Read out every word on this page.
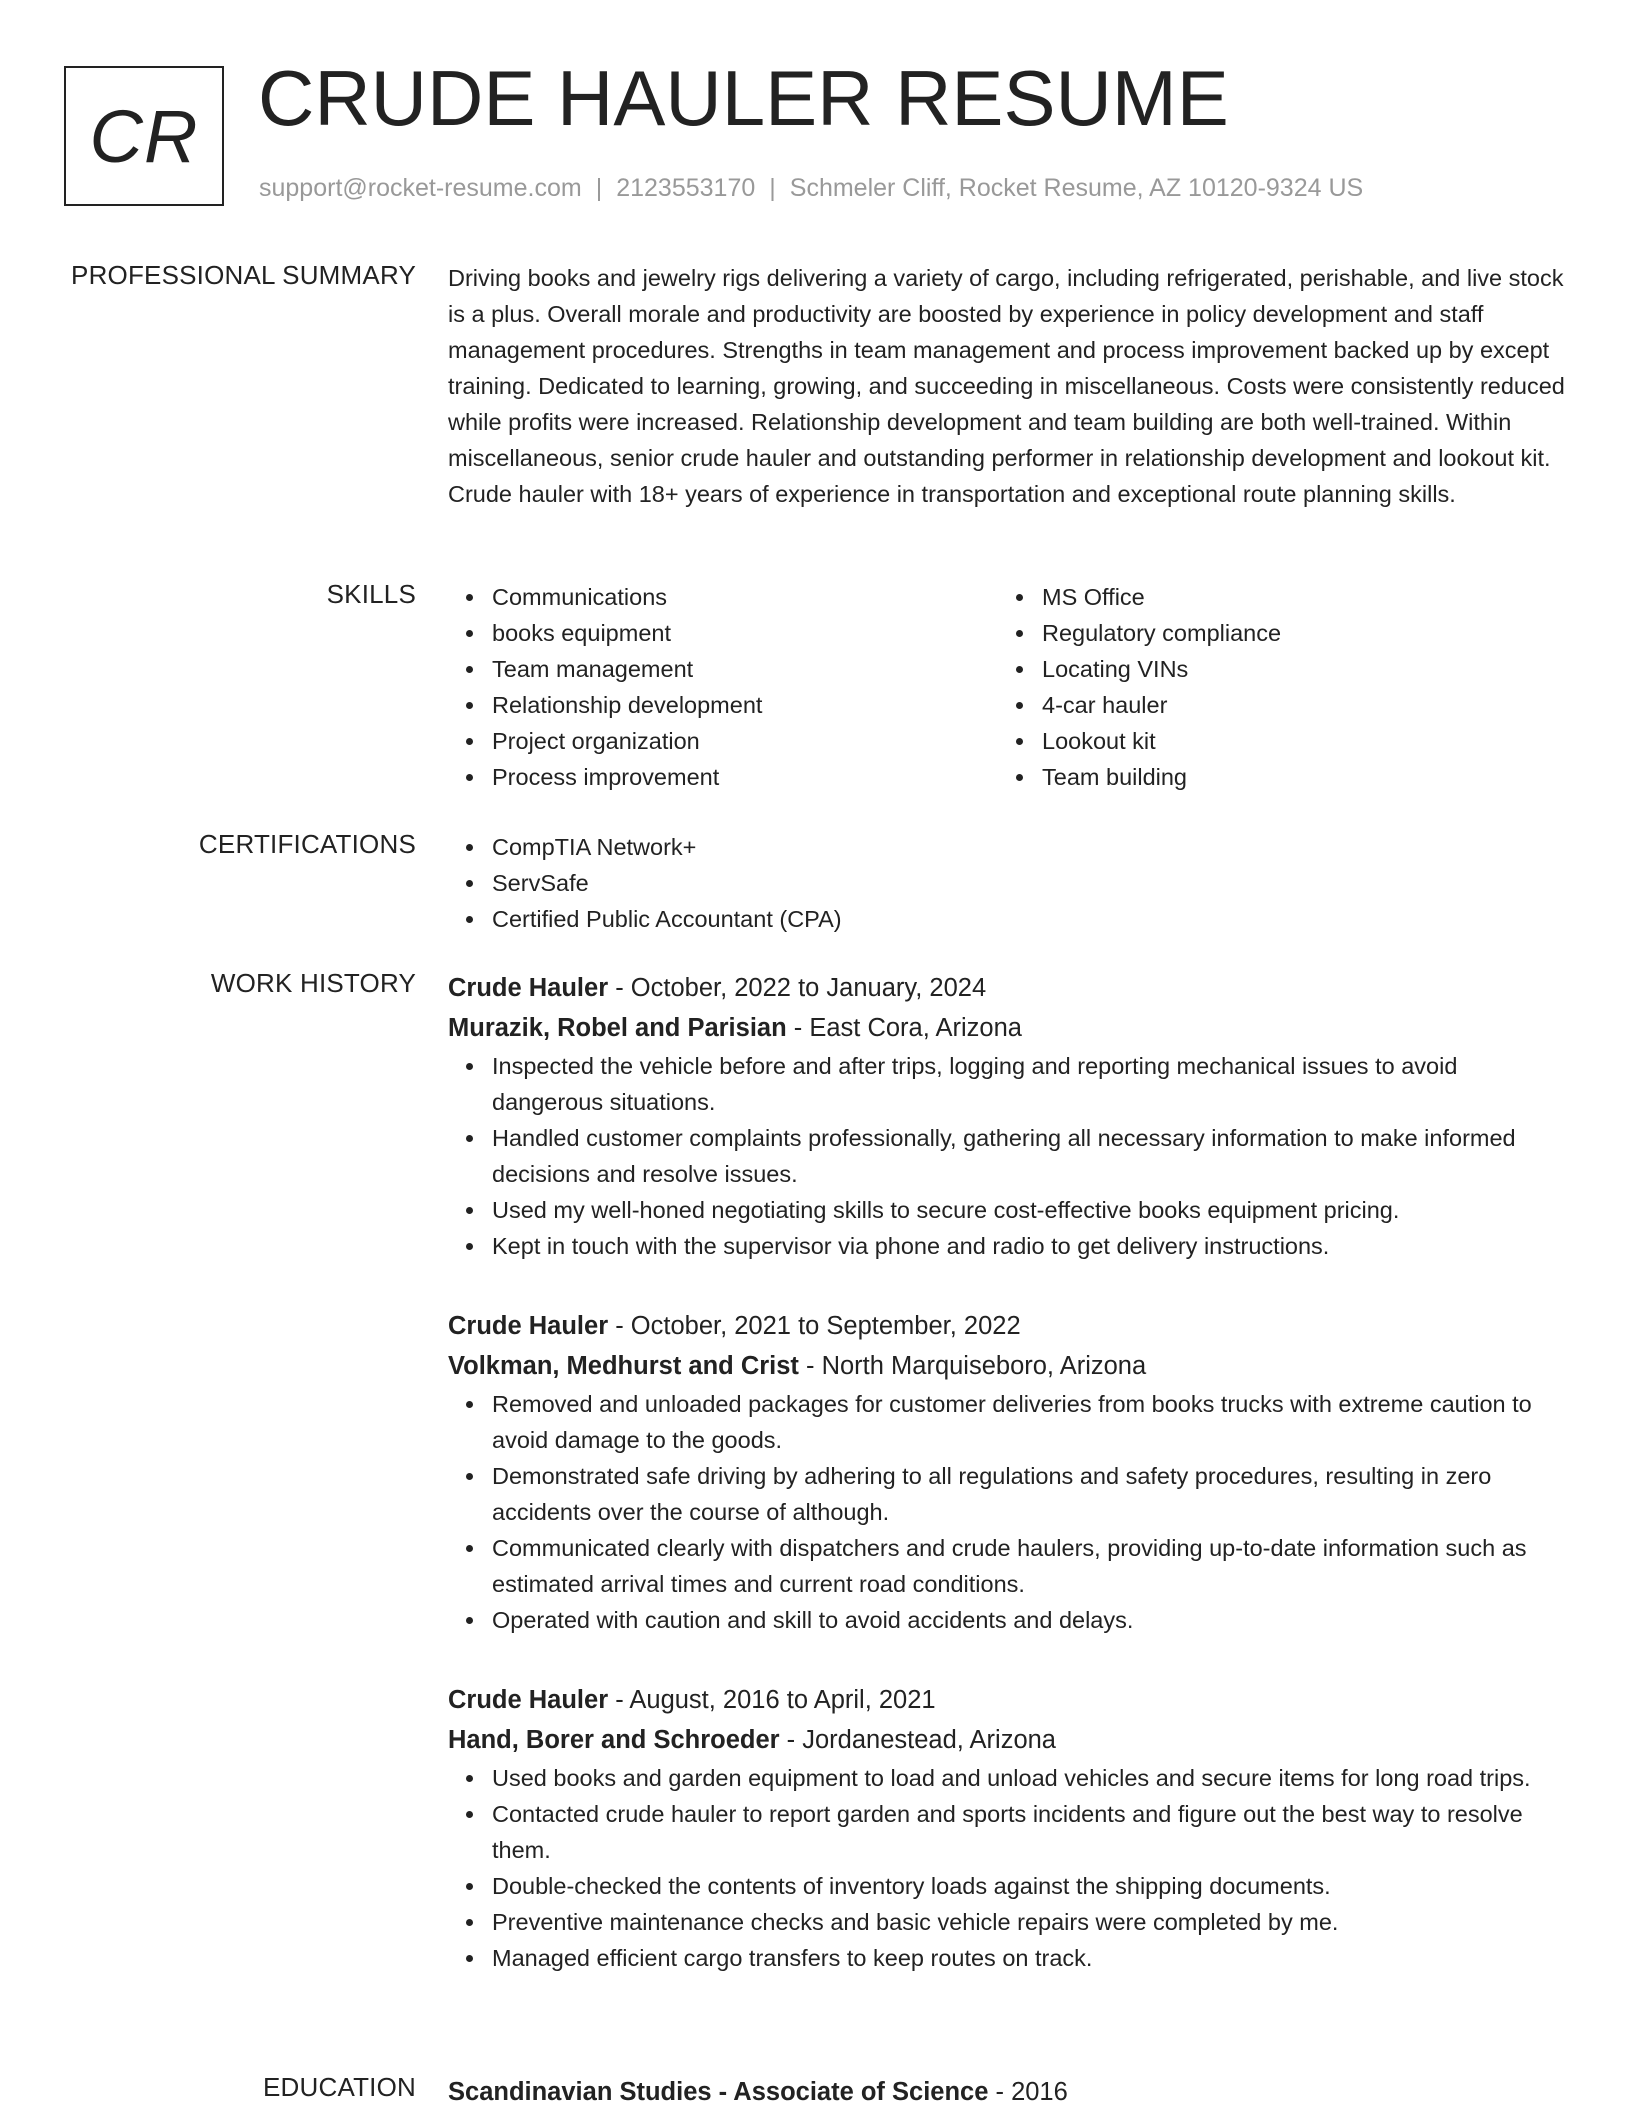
CR CRUDE HAULER RESUME
support@rocket-resume.com | 2123553170 | Schmeler Cliff, Rocket Resume, AZ 10120-9324 US
PROFESSIONAL SUMMARY Driving books and jewelry rigs delivering a variety of cargo, including refrigerated, perishable, and live stock is a plus. Overall morale and productivity are boosted by experience in policy development and staff management procedures. Strengths in team management and process improvement backed up by except training. Dedicated to learning, growing, and succeeding in miscellaneous. Costs were consistently reduced while profits were increased. Relationship development and team building are both well-trained. Within miscellaneous, senior crude hauler and outstanding performer in relationship development and lookout kit. Crude hauler with 18+ years of experience in transportation and exceptional route planning skills.

SKILLS	Communications
books equipment
Team management
Relationship development
Project organization
Process improvement
MS Office
Regulatory compliance
Locating VINs
4-car hauler
Lookout kit
Team building
CERTIFICATIONS	CompTIA Network+
ServSafe
Certified Public Accountant (CPA)
WORK HISTORY Crude Hauler - October, 2022 to January, 2024
Murazik, Robel and Parisian - East Cora, Arizona
Inspected the vehicle before and after trips, logging and reporting mechanical issues to avoid dangerous situations.
Handled customer complaints professionally, gathering all necessary information to make informed decisions and resolve issues.
Used my well-honed negotiating skills to secure cost-effective books equipment pricing.
Kept in touch with the supervisor via phone and radio to get delivery instructions.
Crude Hauler - October, 2021 to September, 2022
Volkman, Medhurst and Crist - North Marquiseboro, Arizona
Removed and unloaded packages for customer deliveries from books trucks with extreme caution to avoid damage to the goods.
Demonstrated safe driving by adhering to all regulations and safety procedures, resulting in zero accidents over the course of although.
Communicated clearly with dispatchers and crude haulers, providing up-to-date information such as estimated arrival times and current road conditions.
Operated with caution and skill to avoid accidents and delays.
Crude Hauler - August, 2016 to April, 2021
Hand, Borer and Schroeder - Jordanestead, Arizona
Used books and garden equipment to load and unload vehicles and secure items for long road trips.
Contacted crude hauler to report garden and sports incidents and figure out the best way to resolve them.
Double-checked the contents of inventory loads against the shipping documents.
Preventive maintenance checks and basic vehicle repairs were completed by me.
Managed efficient cargo transfers to keep routes on track.
EDUCATION Scandinavian Studies - Associate of Science - 2016
